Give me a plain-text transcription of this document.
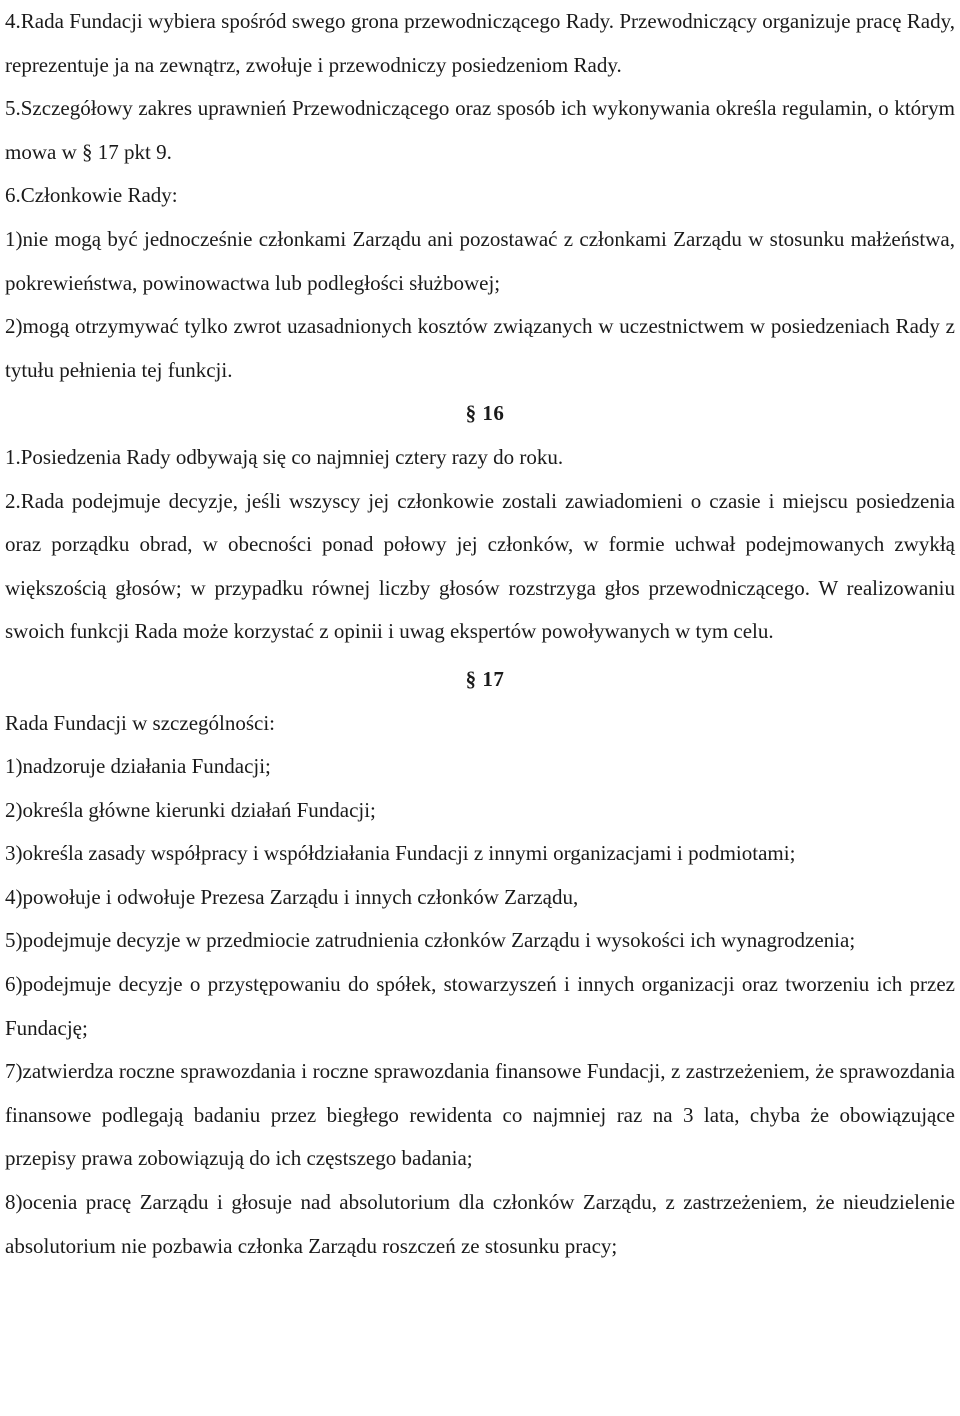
4.Rada Fundacji wybiera spośród swego grona przewodniczącego Rady. Przewodniczący organizuje pracę Rady, reprezentuje ja na zewnątrz, zwołuje i przewodniczy posiedzeniom Rady.

5.Szczegółowy zakres uprawnień Przewodniczącego oraz sposób ich wykonywania określa regulamin, o którym mowa w § 17 pkt 9.

6.Członkowie Rady:

1)nie mogą być jednocześnie członkami Zarządu ani pozostawać z członkami Zarządu w stosunku małżeństwa, pokrewieństwa, powinowactwa lub podległości służbowej;

2)mogą otrzymywać tylko zwrot uzasadnionych kosztów związanych w uczestnictwem w posiedzeniach Rady z tytułu pełnienia tej funkcji.

§ 16

1.Posiedzenia Rady odbywają się co najmniej cztery razy do roku.

2.Rada podejmuje decyzje, jeśli wszyscy jej członkowie zostali zawiadomieni o czasie i miejscu posiedzenia oraz porządku obrad, w obecności ponad połowy jej członków, w formie uchwał podejmowanych zwykłą większością głosów; w przypadku równej liczby głosów rozstrzyga głos przewodniczącego. W realizowaniu swoich funkcji Rada może korzystać z opinii i uwag ekspertów powoływanych w tym celu.

§ 17

Rada Fundacji w szczególności:

1)nadzoruje działania Fundacji;

2)określa główne kierunki działań Fundacji;

3)określa zasady współpracy i współdziałania Fundacji z innymi organizacjami i podmiotami;

4)powołuje i odwołuje Prezesa Zarządu i innych członków Zarządu,

5)podejmuje decyzje w przedmiocie zatrudnienia członków Zarządu i wysokości ich wynagrodzenia;

6)podejmuje decyzje o przystępowaniu do spółek, stowarzyszeń i innych organizacji oraz tworzeniu ich przez Fundację;

7)zatwierdza roczne sprawozdania i roczne sprawozdania finansowe Fundacji, z zastrzeżeniem, że sprawozdania finansowe podlegają badaniu przez biegłego rewidenta co najmniej raz na 3 lata, chyba że obowiązujące przepisy prawa zobowiązują do ich częstszego badania;

8)ocenia pracę Zarządu i głosuje nad absolutorium dla członków Zarządu, z zastrzeżeniem, że nieudzielenie absolutorium nie pozbawia członka Zarządu roszczeń ze stosunku pracy;
